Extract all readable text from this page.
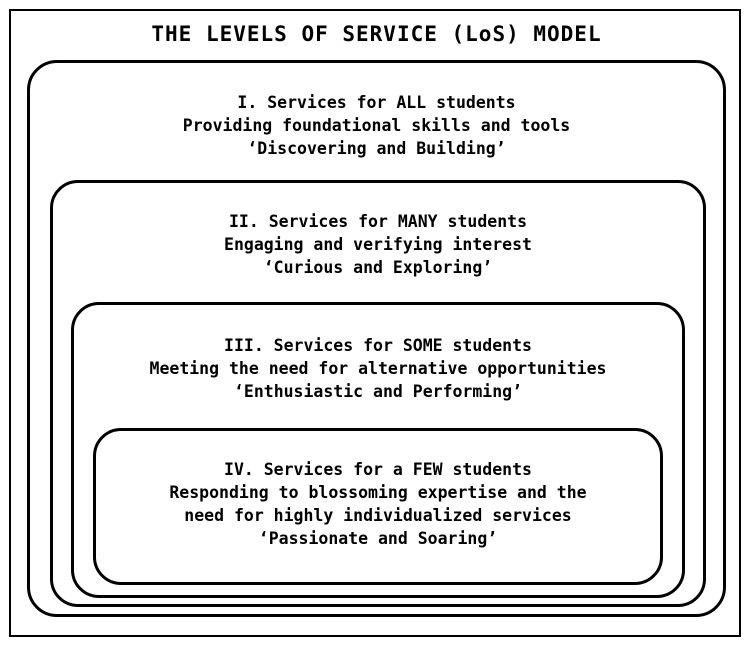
THE LEVELS OF SERVICE (LoS) MODEL
I. Services for ALL students
Providing foundational skills and tools
‘Discovering and Building’
II. Services for MANY students
Engaging and verifying interest
‘Curious and Exploring’
III. Services for SOME students
Meeting the need for alternative opportunities
‘Enthusiastic and Performing’
IV. Services for a FEW students
Responding to blossoming expertise and the
need for highly individualized services
‘Passionate and Soaring’
